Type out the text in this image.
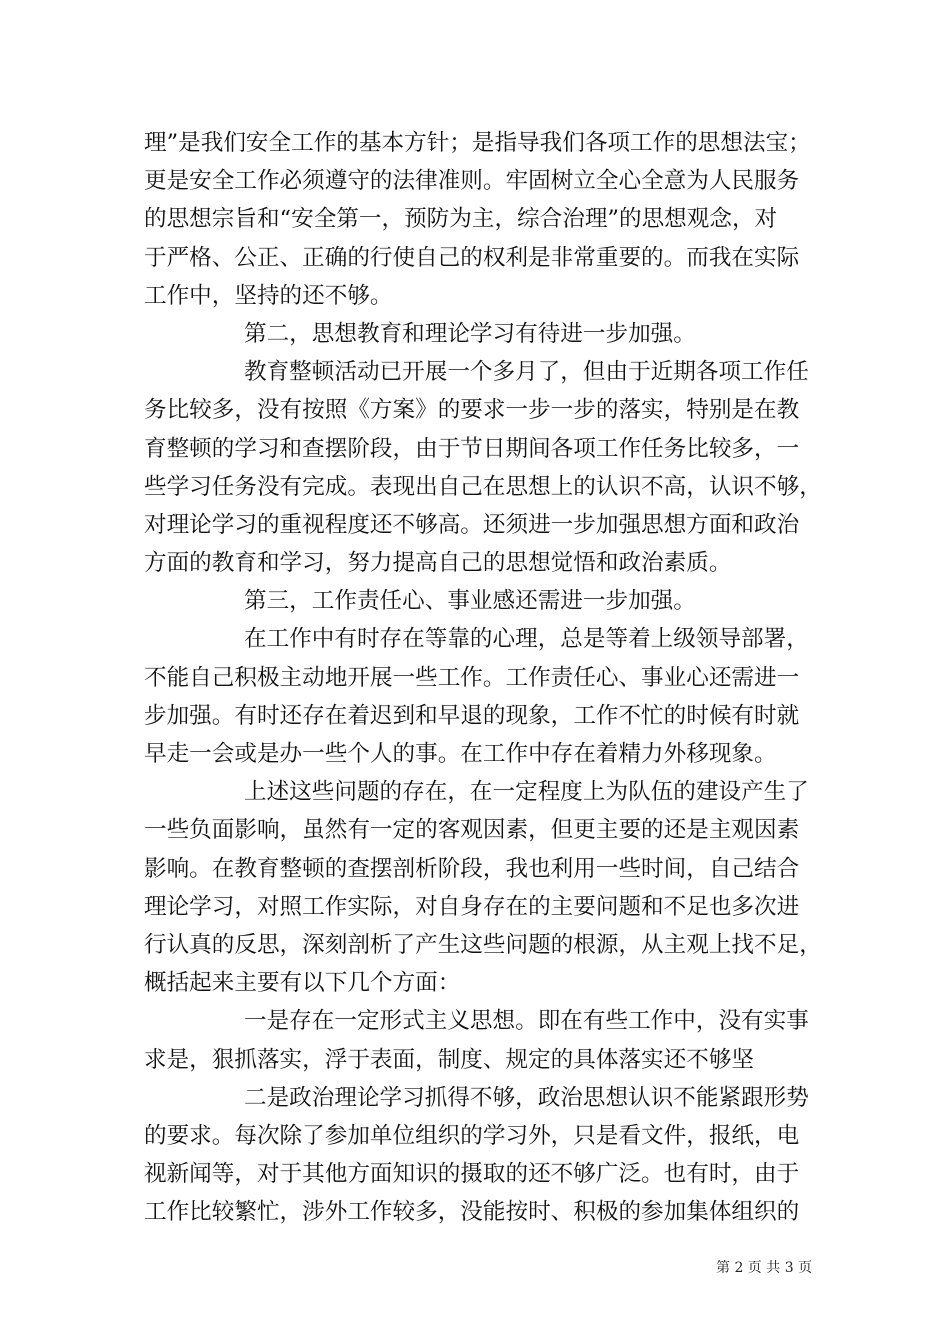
理”是我们安全工作的基本方针；是指导我们各项工作的思想法宝；
更是安全工作必须遵守的法律准则。牢固树立全心全意为人民服务
的思想宗旨和“安全第一，预防为主，综合治理”的思想观念，对
于严格、公正、正确的行使自己的权利是非常重要的。而我在实际
工作中，坚持的还不够。
第二，思想教育和理论学习有待进一步加强。
教育整顿活动已开展一个多月了，但由于近期各项工作任
务比较多，没有按照《方案》的要求一步一步的落实，特别是在教
育整顿的学习和查摆阶段，由于节日期间各项工作任务比较多，一
些学习任务没有完成。表现出自己在思想上的认识不高，认识不够，
对理论学习的重视程度还不够高。还须进一步加强思想方面和政治
方面的教育和学习，努力提高自己的思想觉悟和政治素质。
第三，工作责任心、事业感还需进一步加强。
在工作中有时存在等靠的心理，总是等着上级领导部署，
不能自己积极主动地开展一些工作。工作责任心、事业心还需进一
步加强。有时还存在着迟到和早退的现象，工作不忙的时候有时就
早走一会或是办一些个人的事。在工作中存在着精力外移现象。
上述这些问题的存在，在一定程度上为队伍的建设产生了
一些负面影响，虽然有一定的客观因素，但更主要的还是主观因素
影响。在教育整顿的查摆剖析阶段，我也利用一些时间，自己结合
理论学习，对照工作实际，对自身存在的主要问题和不足也多次进
行认真的反思，深刻剖析了产生这些问题的根源，从主观上找不足，
概括起来主要有以下几个方面：
一是存在一定形式主义思想。即在有些工作中，没有实事
求是，狠抓落实，浮于表面，制度、规定的具体落实还不够坚
二是政治理论学习抓得不够，政治思想认识不能紧跟形势
的要求。每次除了参加单位组织的学习外，只是看文件，报纸，电
视新闻等，对于其他方面知识的摄取的还不够广泛。也有时，由于
工作比较繁忙，涉外工作较多，没能按时、积极的参加集体组织的
第 2 页 共 3 页
